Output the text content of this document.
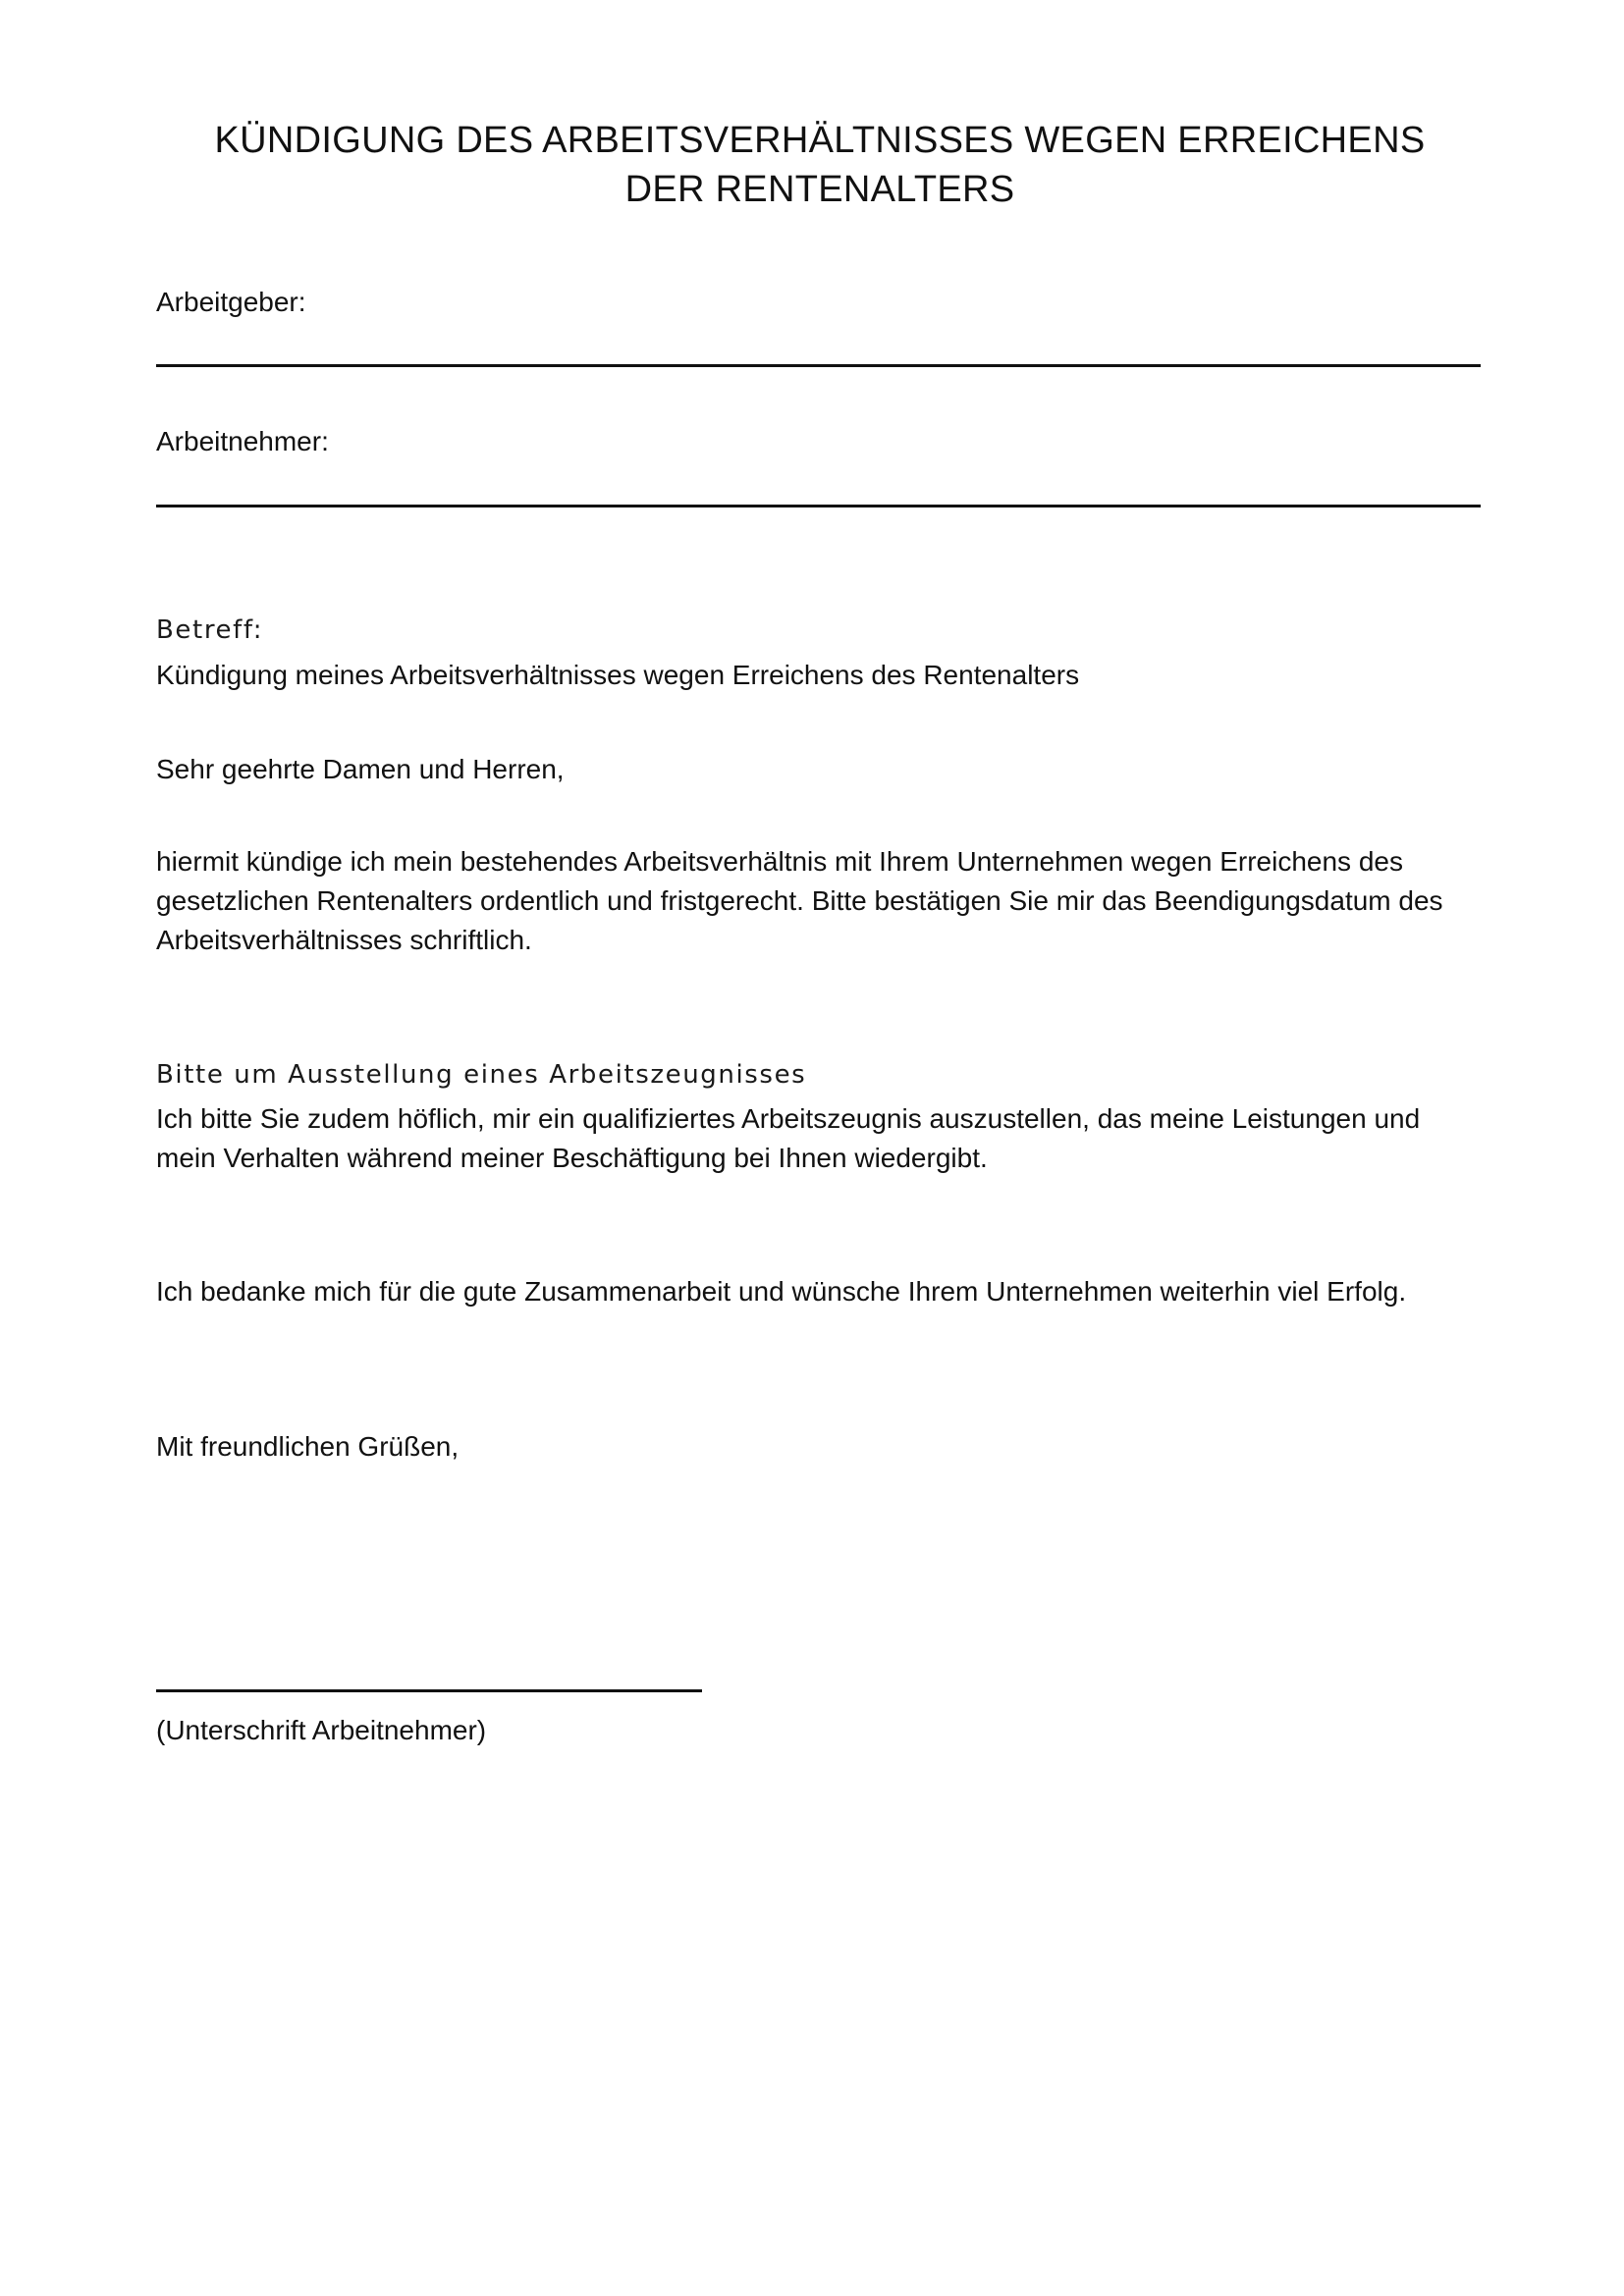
KÜNDIGUNG DES ARBEITSVERHÄLTNISSES WEGEN ERREICHENS
DER RENTENALTERS

Arbeitgeber:

Arbeitnehmer:

Betreff:

Kündigung meines Arbeitsverhältnisses wegen Erreichens des Rentenalters

Sehr geehrte Damen und Herren,

hiermit kündige ich mein bestehendes Arbeitsverhältnis mit Ihrem Unternehmen wegen Erreichens des
gesetzlichen Rentenalters ordentlich und fristgerecht. Bitte bestätigen Sie mir das Beendigungsdatum des
Arbeitsverhältnisses schriftlich.

Bitte um Ausstellung eines Arbeitszeugnisses

Ich bitte Sie zudem höflich, mir ein qualifiziertes Arbeitszeugnis auszustellen, das meine Leistungen und
mein Verhalten während meiner Beschäftigung bei Ihnen wiedergibt.

Ich bedanke mich für die gute Zusammenarbeit und wünsche Ihrem Unternehmen weiterhin viel Erfolg.

Mit freundlichen Grüßen,

(Unterschrift Arbeitnehmer)
